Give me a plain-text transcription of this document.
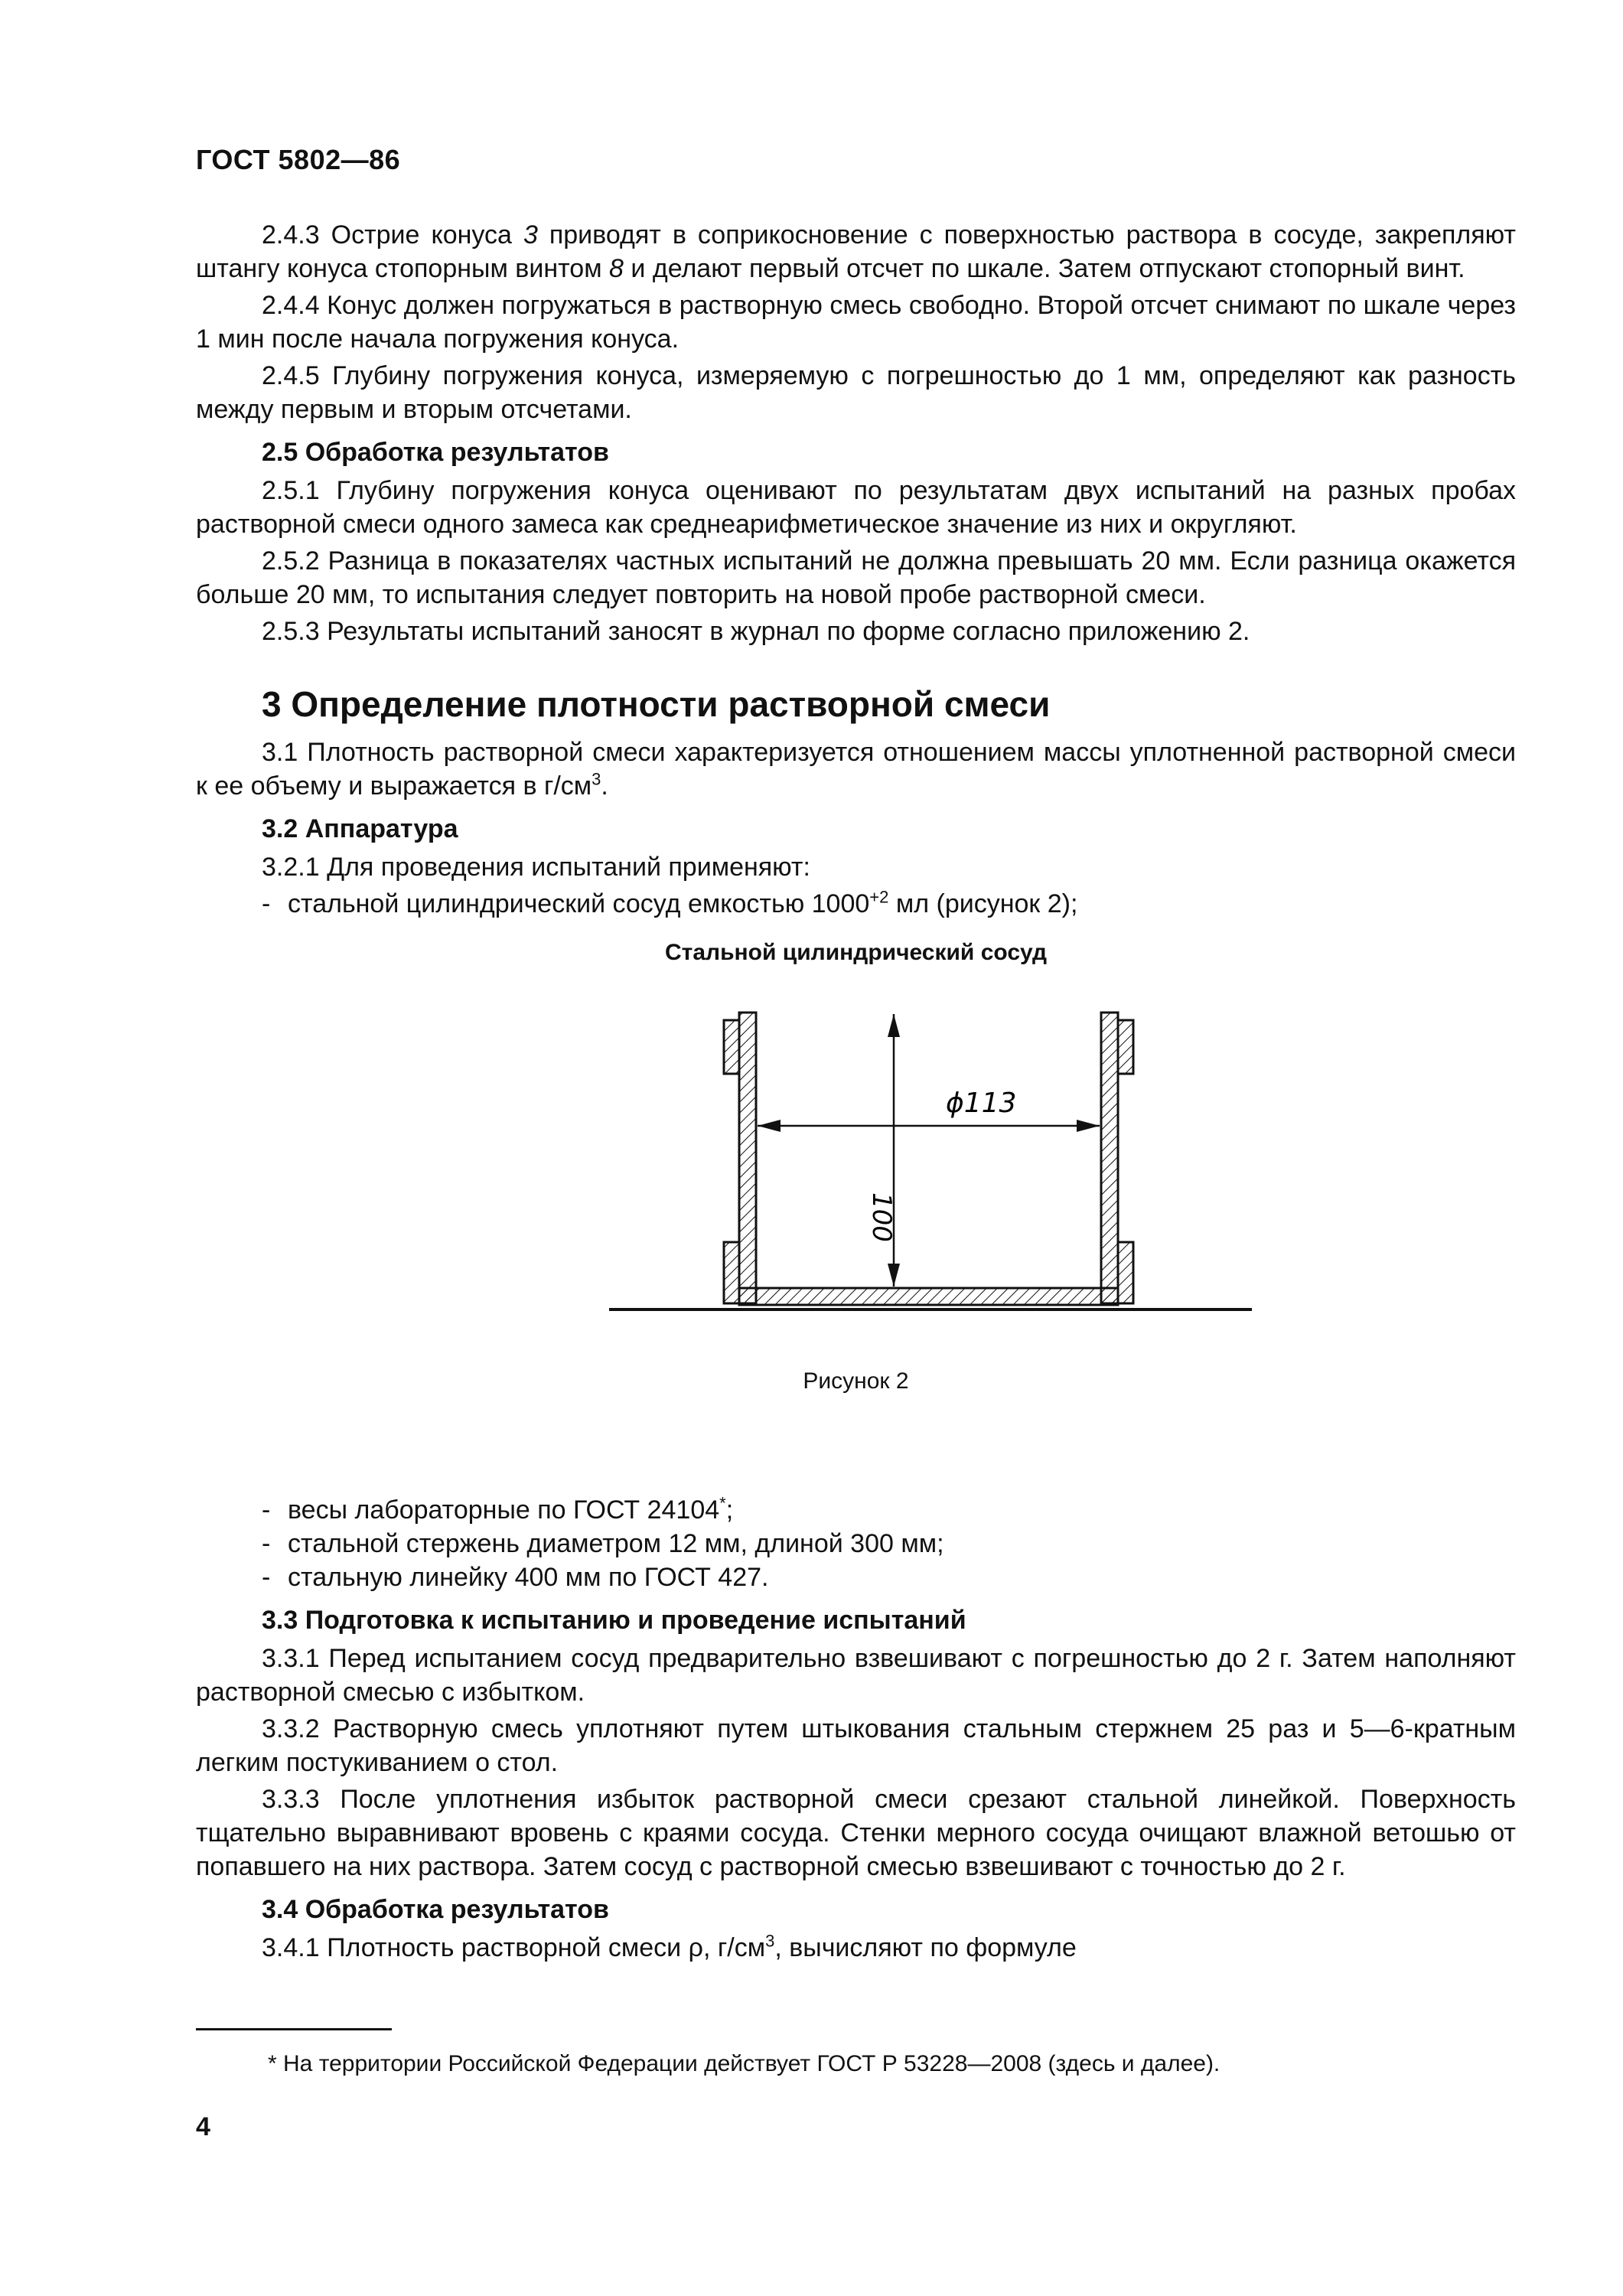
ГОСТ 5802—86

2.4.3 Острие конуса 3 приводят в соприкосновение с поверхностью раствора в сосуде, закрепляют штангу конуса стопорным винтом 8 и делают первый отсчет по шкале. Затем отпускают стопорный винт.

2.4.4 Конус должен погружаться в растворную смесь свободно. Второй отсчет снимают по шкале через 1 мин после начала погружения конуса.

2.4.5 Глубину погружения конуса, измеряемую с погрешностью до 1 мм, определяют как разность между первым и вторым отсчетами.

2.5 Обработка результатов

2.5.1 Глубину погружения конуса оценивают по результатам двух испытаний на разных пробах растворной смеси одного замеса как среднеарифметическое значение из них и округляют.

2.5.2 Разница в показателях частных испытаний не должна превышать 20 мм. Если разница окажется больше 20 мм, то испытания следует повторить на новой пробе растворной смеси.

2.5.3 Результаты испытаний заносят в журнал по форме согласно приложению 2.

3 Определение плотности растворной смеси

3.1 Плотность растворной смеси характеризуется отношением массы уплотненной растворной смеси к ее объему и выражается в $г/см^3$.

3.2 Аппаратура

3.2.1 Для проведения испытаний применяют:

- стальной цилиндрический сосуд емкостью $1000^{+2}$ мл (рисунок 2);
Стальной цилиндрический сосуд
ϕ113
100
Рисунок 2
- весы лабораторные по ГОСТ 24104*;
- стальной стержень диаметром 12 мм, длиной 300 мм;
- стальную линейку 400 мм по ГОСТ 427.
3.3 Подготовка к испытанию и проведение испытаний

3.3.1 Перед испытанием сосуд предварительно взвешивают с погрешностью до 2 г. Затем наполняют растворной смесью с избытком.

3.3.2 Растворную смесь уплотняют путем штыкования стальным стержнем 25 раз и 5—6-кратным легким постукиванием о стол.

3.3.3 После уплотнения избыток растворной смеси срезают стальной линейкой. Поверхность тщательно выравнивают вровень с краями сосуда. Стенки мерного сосуда очищают влажной ветошью от попавшего на них раствора. Затем сосуд с растворной смесью взвешивают с точностью до 2 г.

3.4 Обработка результатов

3.4.1 Плотность растворной смеси ρ, $г/см^3$, вычисляют по формуле

* На территории Российской Федерации действует ГОСТ Р 53228—2008 (здесь и далее).
4
